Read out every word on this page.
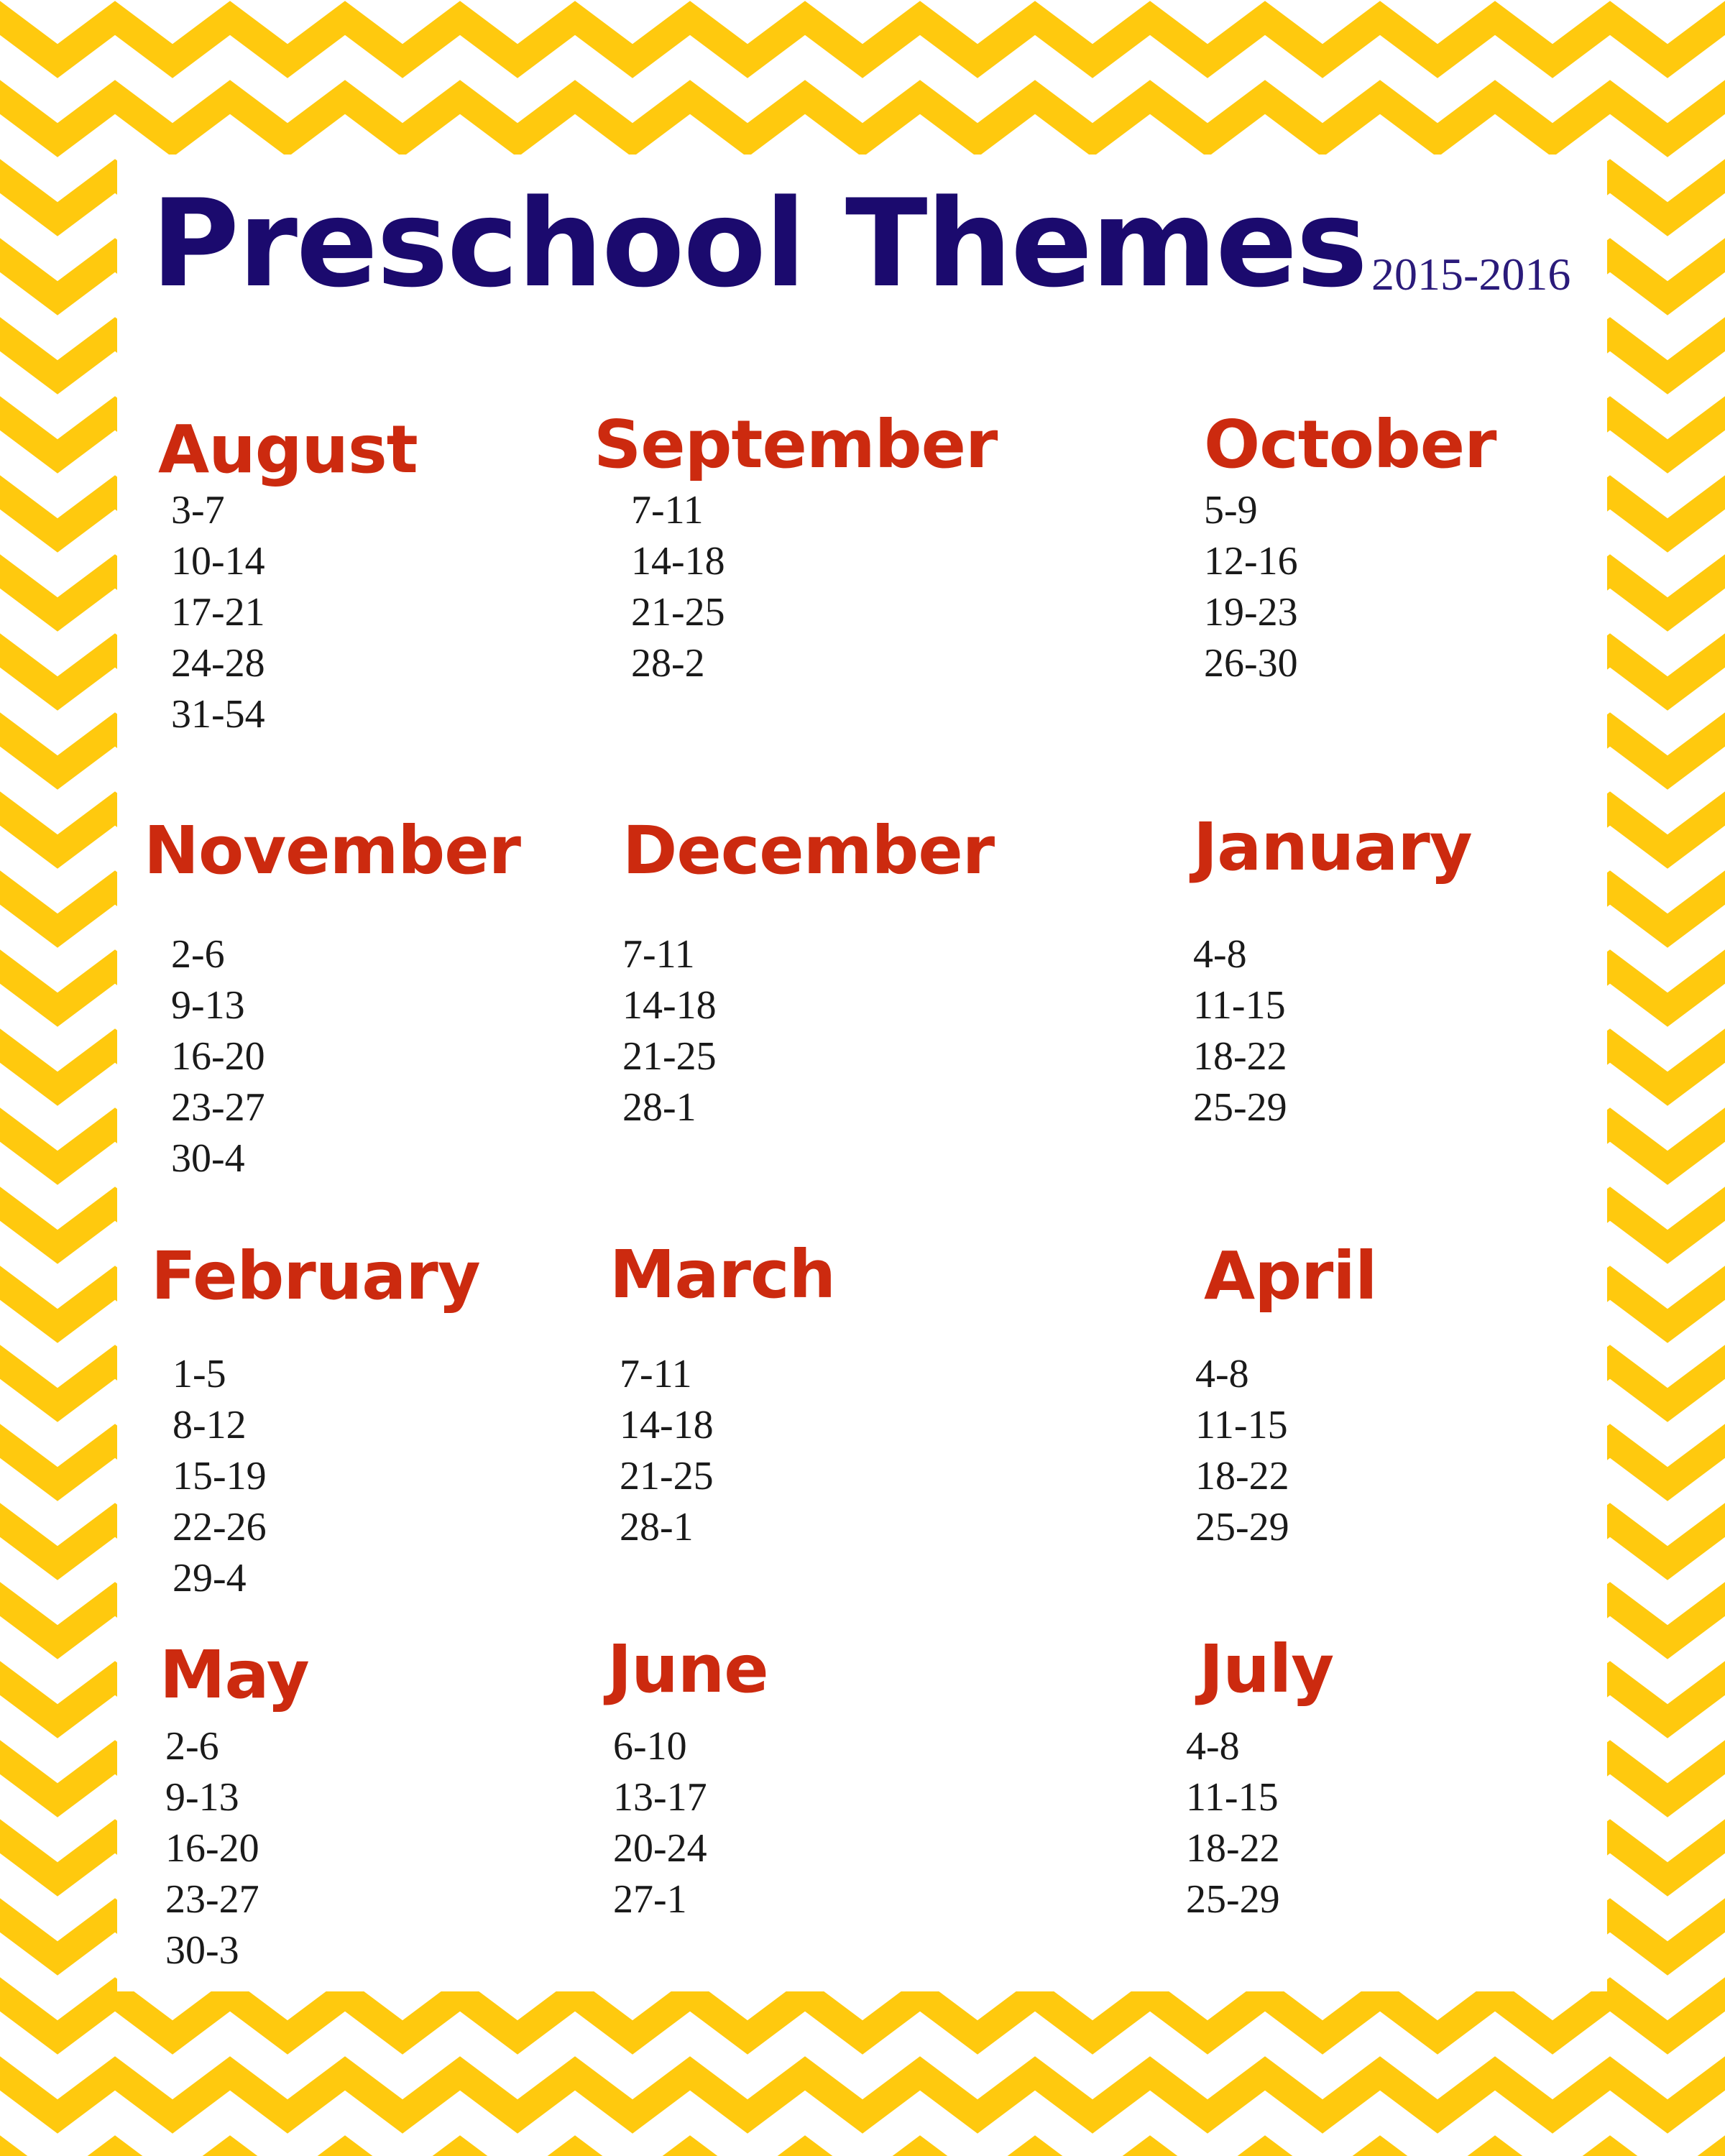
Preschool Themes 2015-2016
August
3-7
10-14
17-21
24-28
31-54
September
7-11
14-18
21-25
28-2
October
5-9
12-16
19-23
26-30
November
2-6
9-13
16-20
23-27
30-4
December
7-11
14-18
21-25
28-1
January
4-8
11-15
18-22
25-29
February
1-5
8-12
15-19
22-26
29-4
March
7-11
14-18
21-25
28-1
April
4-8
11-15
18-22
25-29
May
2-6
9-13
16-20
23-27
30-3
June
6-10
13-17
20-24
27-1
July
4-8
11-15
18-22
25-29
